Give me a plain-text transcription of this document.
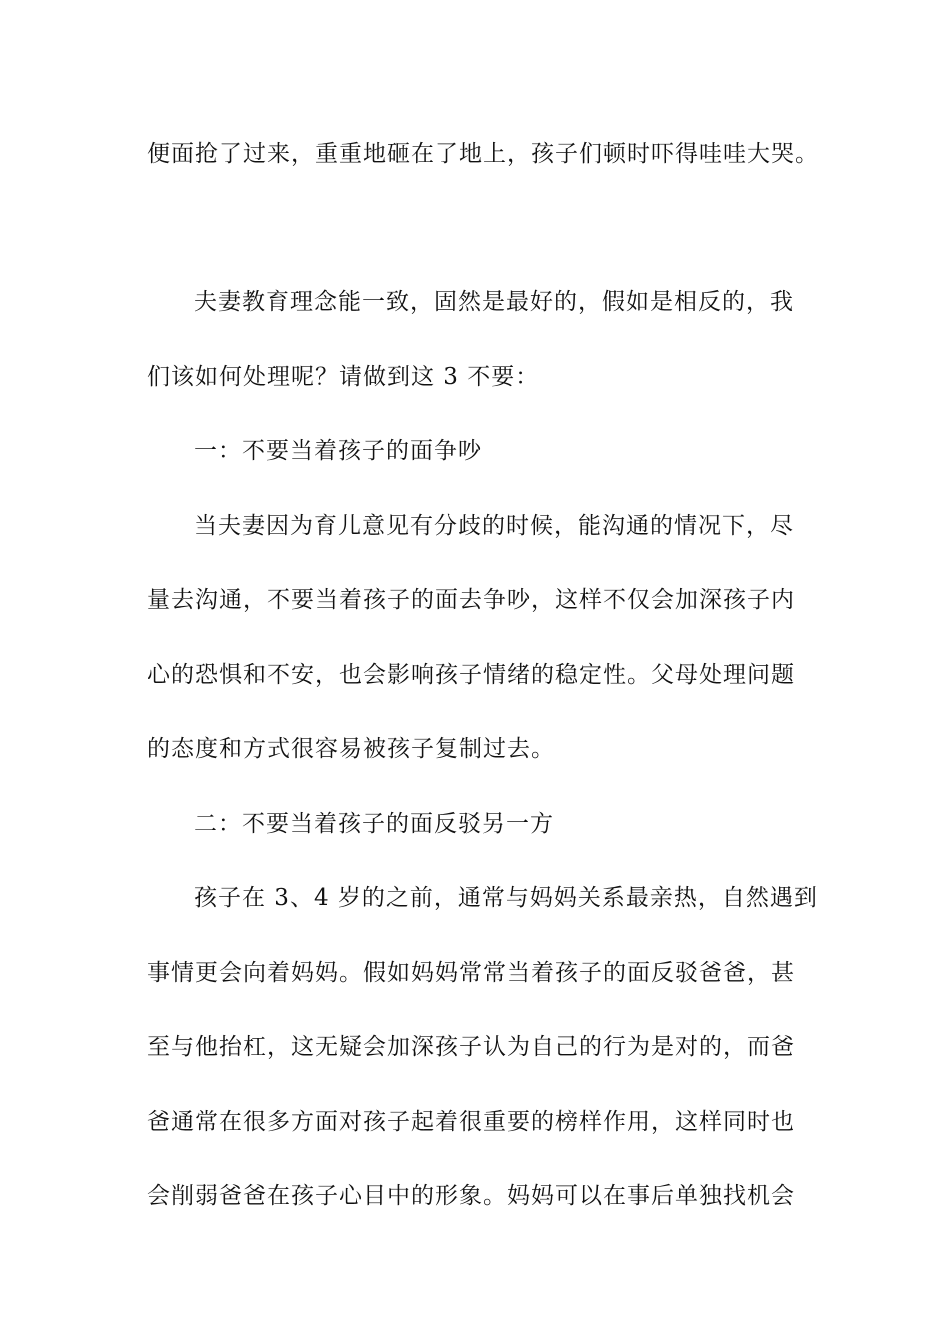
便面抢了过来，重重地砸在了地上，孩子们顿时吓得哇哇大哭。
夫妻教育理念能一致，固然是最好的，假如是相反的，我
们该如何处理呢？请做到这 3 不要：
一：不要当着孩子的面争吵
当夫妻因为育儿意见有分歧的时候，能沟通的情况下，尽
量去沟通，不要当着孩子的面去争吵，这样不仅会加深孩子内
心的恐惧和不安，也会影响孩子情绪的稳定性。父母处理问题
的态度和方式很容易被孩子复制过去。
二：不要当着孩子的面反驳另一方
孩子在 3、4 岁的之前，通常与妈妈关系最亲热，自然遇到
事情更会向着妈妈。假如妈妈常常当着孩子的面反驳爸爸，甚
至与他抬杠，这无疑会加深孩子认为自己的行为是对的，而爸
爸通常在很多方面对孩子起着很重要的榜样作用，这样同时也
会削弱爸爸在孩子心目中的形象。妈妈可以在事后单独找机会
